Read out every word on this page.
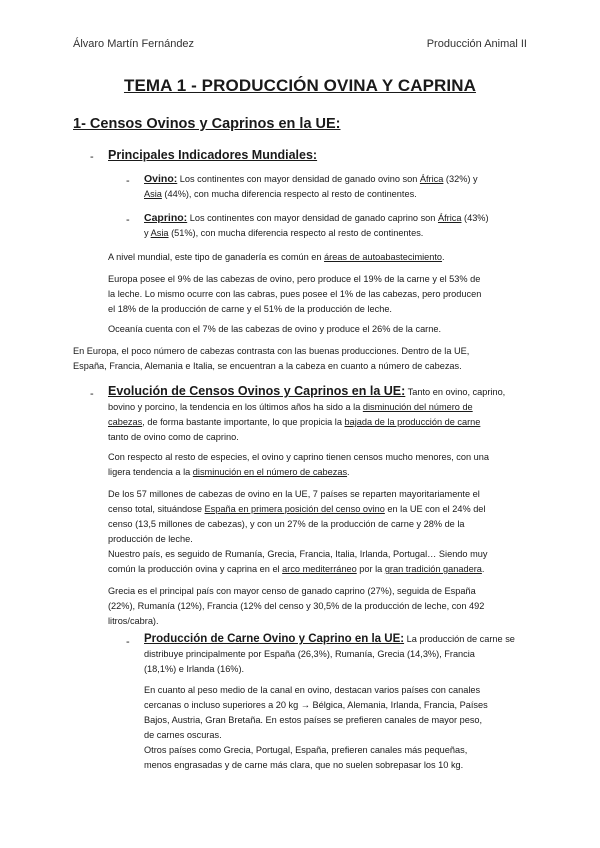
Álvaro Martín Fernández	Producción Animal II
TEMA 1 - PRODUCCIÓN OVINA Y CAPRINA
1- Censos Ovinos y Caprinos en la UE:
- Principales Indicadores Mundiales:
- Ovino: Los continentes con mayor densidad de ganado ovino son África (32%) y
Asia (44%), con mucha diferencia respecto al resto de continentes.
- Caprino: Los continentes con mayor densidad de ganado caprino son África (43%)
y Asia (51%), con mucha diferencia respecto al resto de continentes.
A nivel mundial, este tipo de ganadería es común en áreas de autoabastecimiento.
Europa posee el 9% de las cabezas de ovino, pero produce el 19% de la carne y el 53% de
la leche. Lo mismo ocurre con las cabras, pues posee el 1% de las cabezas, pero producen
el 18% de la producción de carne y el 51% de la producción de leche.
Oceanía cuenta con el 7% de las cabezas de ovino y produce el 26% de la carne.
En Europa, el poco número de cabezas contrasta con las buenas producciones. Dentro de la UE,
España, Francia, Alemania e Italia, se encuentran a la cabeza en cuanto a número de cabezas.
- Evolución de Censos Ovinos y Caprinos en la UE: Tanto en ovino, caprino,
bovino y porcino, la tendencia en los últimos años ha sido a la disminución del número de
cabezas, de forma bastante importante, lo que propicia la bajada de la producción de carne
tanto de ovino como de caprino.
Con respecto al resto de especies, el ovino y caprino tienen censos mucho menores, con una
ligera tendencia a la disminución en el número de cabezas.
De los 57 millones de cabezas de ovino en la UE, 7 países se reparten mayoritariamente el
censo total, situándose España en primera posición del censo ovino en la UE con el 24% del
censo (13,5 millones de cabezas), y con un 27% de la producción de carne y 28% de la
producción de leche.
Nuestro país, es seguido de Rumanía, Grecia, Francia, Italia, Irlanda, Portugal… Siendo muy
común la producción ovina y caprina en el arco mediterráneo por la gran tradición ganadera.
Grecia es el principal país con mayor censo de ganado caprino (27%), seguida de España
(22%), Rumanía (12%), Francia (12% del censo y 30,5% de la producción de leche, con 492
litros/cabra).
- Producción de Carne Ovino y Caprino en la UE: La producción de carne se
distribuye principalmente por España (26,3%), Rumanía, Grecia (14,3%), Francia
(18,1%) e Irlanda (16%).
En cuanto al peso medio de la canal en ovino, destacan varios países con canales
cercanas o incluso superiores a 20 kg → Bélgica, Alemania, Irlanda, Francia, Países
Bajos, Austria, Gran Bretaña. En estos países se prefieren canales de mayor peso,
de carnes oscuras.
Otros países como Grecia, Portugal, España, prefieren canales más pequeñas,
menos engrasadas y de carne más clara, que no suelen sobrepasar los 10 kg.
